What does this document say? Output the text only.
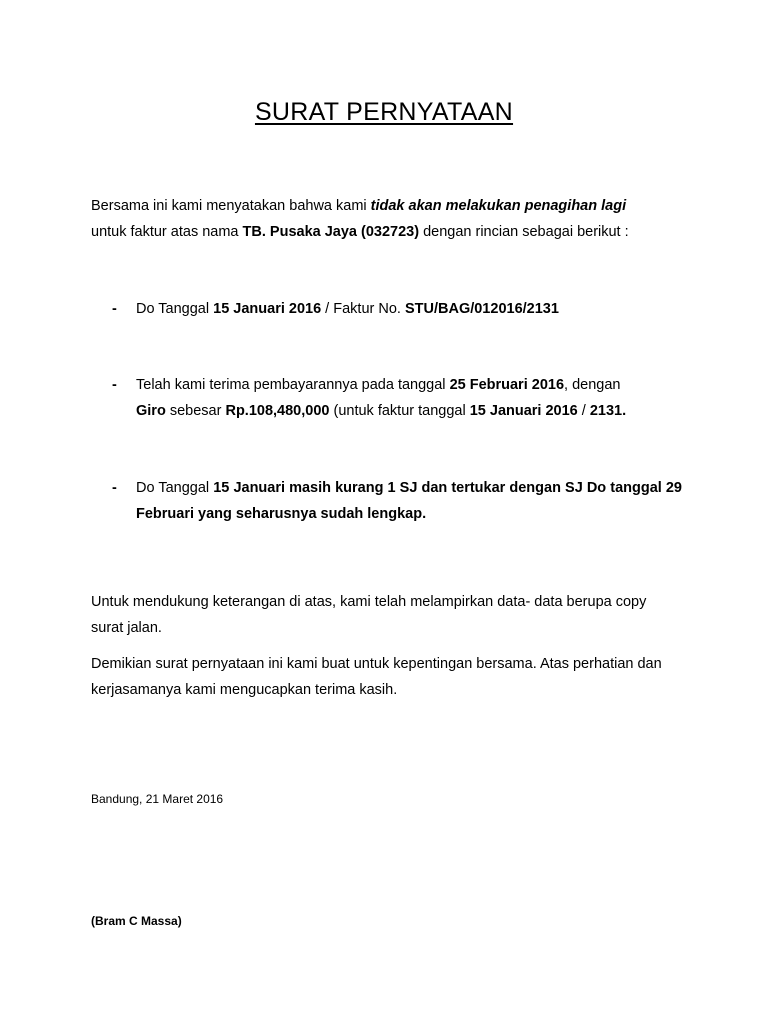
SURAT PERNYATAAN
Bersama ini kami menyatakan bahwa kami tidak akan melakukan penagihan lagi
untuk faktur atas nama TB. Pusaka Jaya (032723) dengan rincian sebagai berikut :
- Do Tanggal 15 Januari 2016 / Faktur No. STU/BAG/012016/2131
- Telah kami terima pembayarannya pada tanggal 25 Februari 2016, dengan
Giro sebesar Rp.108,480,000 (untuk faktur tanggal 15 Januari 2016 / 2131.
- Do Tanggal 15 Januari masih kurang 1 SJ dan tertukar dengan SJ Do tanggal 29 Februari yang seharusnya sudah lengkap.
Untuk mendukung keterangan di atas, kami telah melampirkan data- data berupa copy surat jalan.
Demikian surat pernyataan ini kami buat untuk kepentingan bersama. Atas perhatian dan kerjasamanya kami mengucapkan terima kasih.
Bandung, 21 Maret 2016
(Bram C Massa)
